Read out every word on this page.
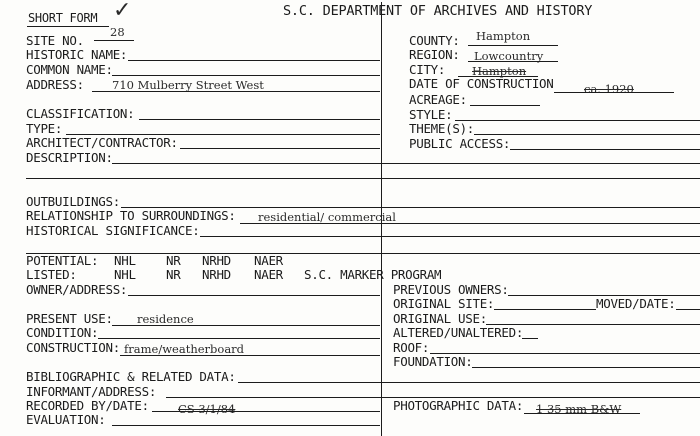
SHORT FORM ✓	S.C. DEPARTMENT OF ARCHIVES AND HISTORY
SITE NO.
28
HISTORIC NAME:
COMMON NAME:
ADDRESS: 710 Mulberry Street West
CLASSIFICATION:
TYPE:
ARCHITECT/CONTRACTOR:
DESCRIPTION:
OUTBUILDINGS:
RELATIONSHIP TO SURROUNDINGS: residential/ commercial
HISTORICAL SIGNIFICANCE:
POTENTIAL: NHL NR NRHD NAER
LISTED:	NHL NR NRHD NAER S.C. MARKER PROGRAM
OWNER/ADDRESS:
PRESENT USE: residence
CONDITION:
CONSTRUCTION: frame/weatherboard
BIBLIOGRAPHIC & RELATED DATA:
INFORMANT/ADDRESS:
RECORDED BY/DATE:	CS 3/1/84
EVALUATION:
COUNTY: Hampton
REGION: Lowcountry
CITY: Hampton
DATE OF CONSTRUCTION	ca. 1920
ACREAGE:
STYLE:
THEME(S):
PUBLIC ACCESS:
PREVIOUS OWNERS:
ORIGINAL SITE:	MOVED/DATE:
ORIGINAL USE:
ALTERED/UNALTERED:
ROOF:
FOUNDATION:
PHOTOGRAPHIC DATA: 1 35 mm B&W
